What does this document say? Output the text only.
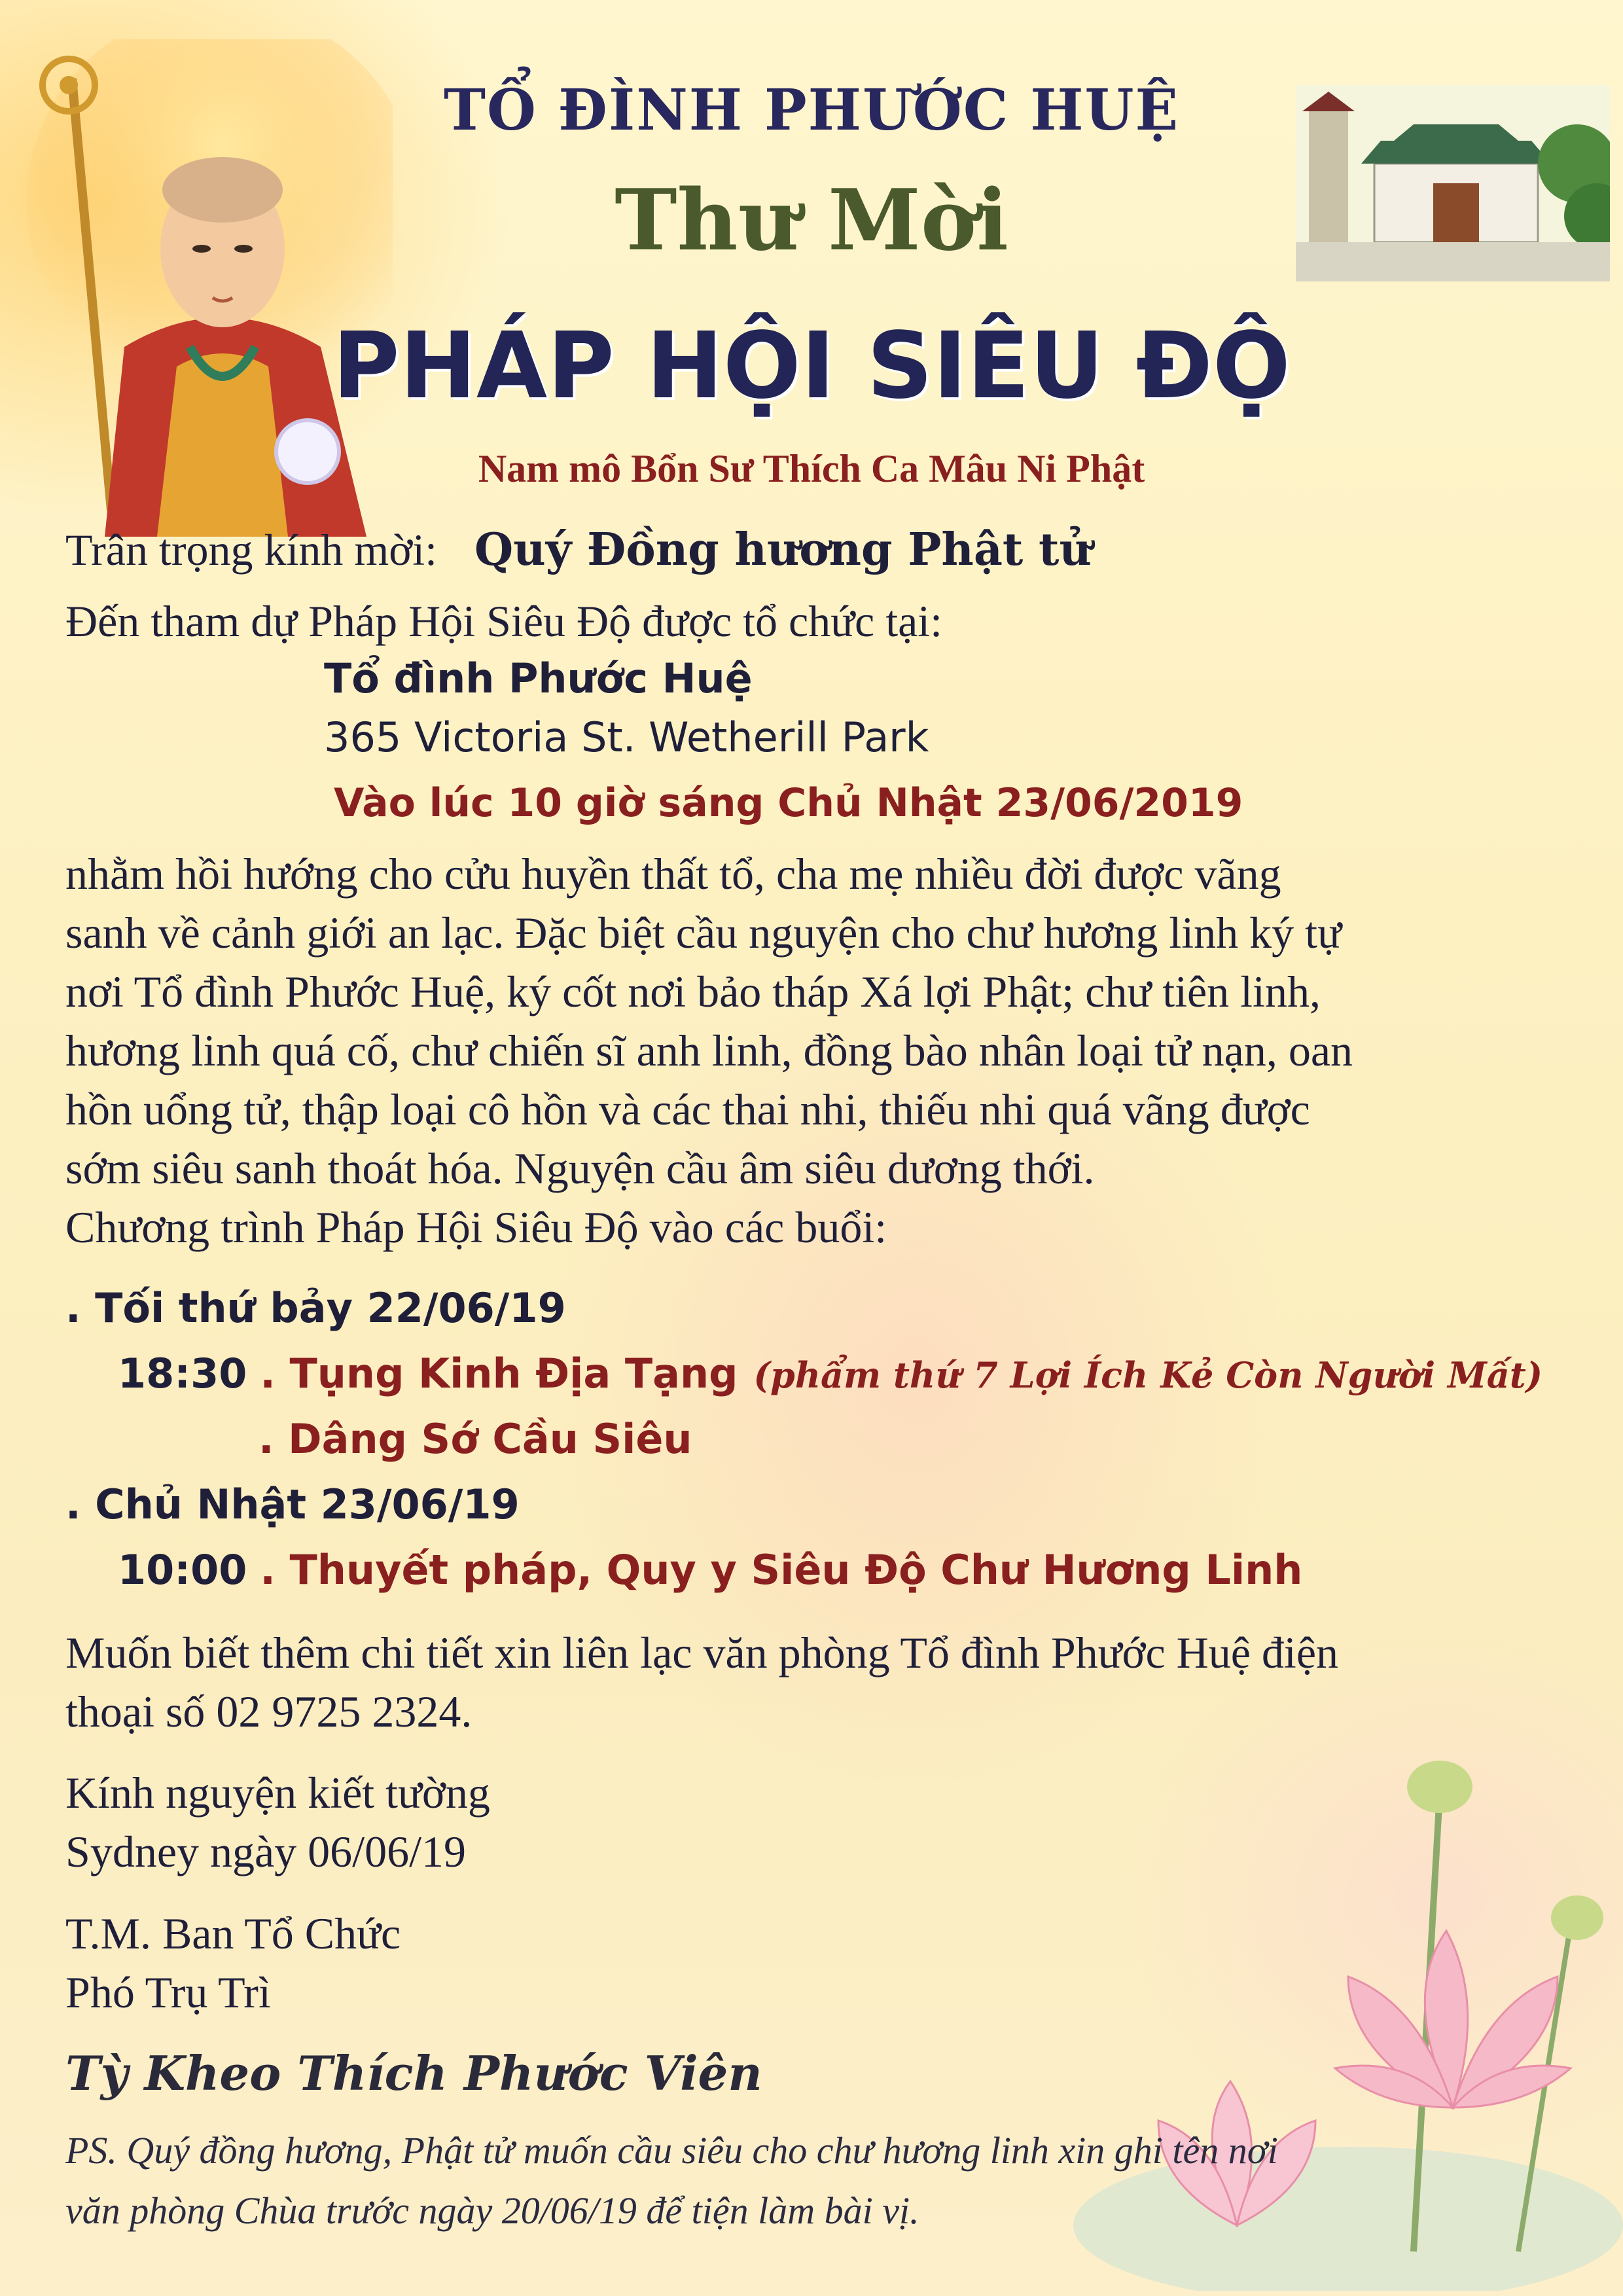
TỔ ĐÌNH PHƯỚC HUỆ
Thư Mời
PHÁP HỘI SIÊU ĐỘ
Nam mô Bổn Sư Thích Ca Mâu Ni Phật
Trân trọng kính mời: Quý Đồng hương Phật tử
Đến tham dự Pháp Hội Siêu Độ được tổ chức tại:
Tổ đình Phước Huệ
365 Victoria St. Wetherill Park
Vào lúc 10 giờ sáng Chủ Nhật 23/06/2019
nhằm hồi hướng cho cửu huyền thất tổ, cha mẹ nhiều đời được vãng
sanh về cảnh giới an lạc. Đặc biệt cầu nguyện cho chư hương linh ký tự
nơi Tổ đình Phước Huệ, ký cốt nơi bảo tháp Xá lợi Phật; chư tiên linh,
hương linh quá cố, chư chiến sĩ anh linh, đồng bào nhân loại tử nạn, oan
hồn uổng tử, thập loại cô hồn và các thai nhi, thiếu nhi quá vãng được
sớm siêu sanh thoát hóa. Nguyện cầu âm siêu dương thới.
Chương trình Pháp Hội Siêu Độ vào các buổi:
. Tối thứ bảy 22/06/19
18:30 . Tụng Kinh Địa Tạng (phẩm thứ 7 Lợi Ích Kẻ Còn Người Mất)
. Dâng Sớ Cầu Siêu
. Chủ Nhật 23/06/19
10:00 . Thuyết pháp, Quy y Siêu Độ Chư Hương Linh
Muốn biết thêm chi tiết xin liên lạc văn phòng Tổ đình Phước Huệ điện
thoại số 02 9725 2324.
Kính nguyện kiết tường
Sydney ngày 06/06/19
T.M. Ban Tổ Chức
Phó Trụ Trì
Tỳ Kheo Thích Phước Viên
PS. Quý đồng hương, Phật tử muốn cầu siêu cho chư hương linh xin ghi tên nơi
văn phòng Chùa trước ngày 20/06/19 để tiện làm bài vị.
